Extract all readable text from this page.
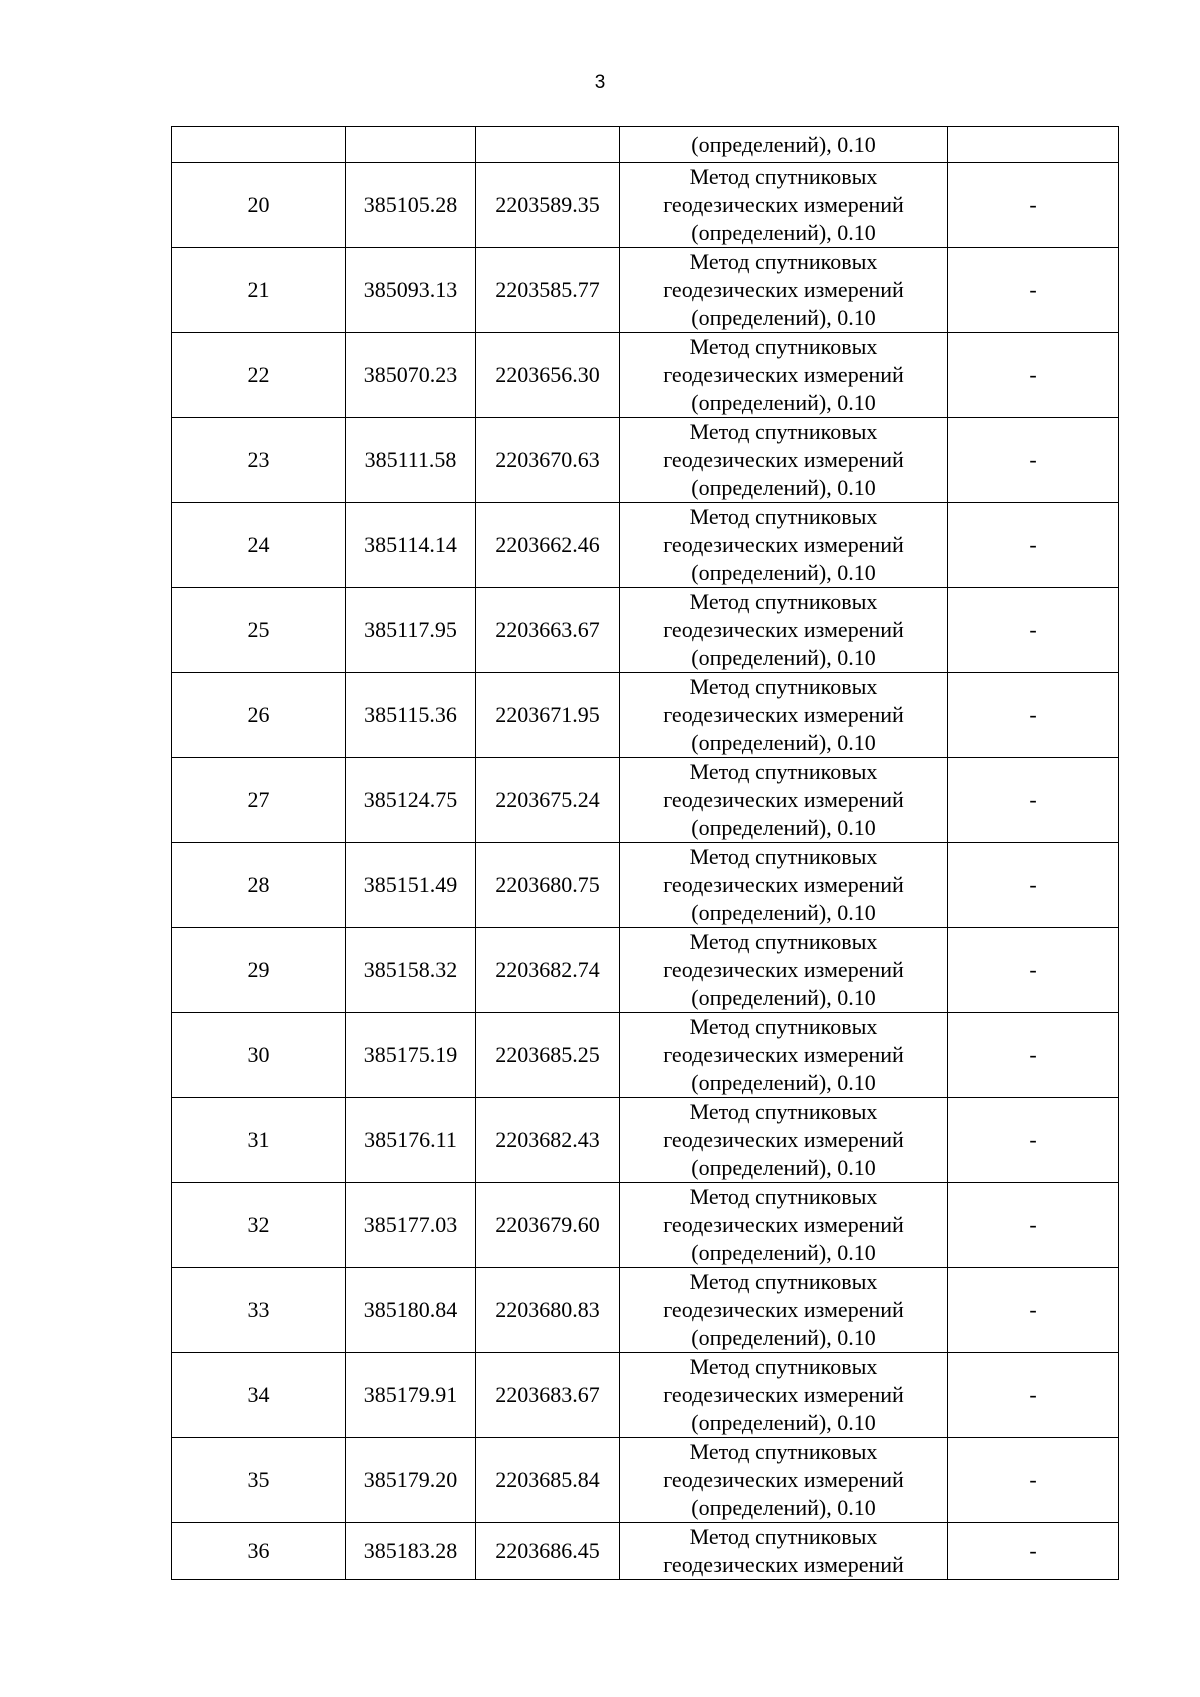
3
			(определений), 0.10	
20	385105.28	2203589.35	Метод спутниковых
геодезических измерений
(определений), 0.10	-
21	385093.13	2203585.77	Метод спутниковых
геодезических измерений
(определений), 0.10	-
22	385070.23	2203656.30	Метод спутниковых
геодезических измерений
(определений), 0.10	-
23	385111.58	2203670.63	Метод спутниковых
геодезических измерений
(определений), 0.10	-
24	385114.14	2203662.46	Метод спутниковых
геодезических измерений
(определений), 0.10	-
25	385117.95	2203663.67	Метод спутниковых
геодезических измерений
(определений), 0.10	-
26	385115.36	2203671.95	Метод спутниковых
геодезических измерений
(определений), 0.10	-
27	385124.75	2203675.24	Метод спутниковых
геодезических измерений
(определений), 0.10	-
28	385151.49	2203680.75	Метод спутниковых
геодезических измерений
(определений), 0.10	-
29	385158.32	2203682.74	Метод спутниковых
геодезических измерений
(определений), 0.10	-
30	385175.19	2203685.25	Метод спутниковых
геодезических измерений
(определений), 0.10	-
31	385176.11	2203682.43	Метод спутниковых
геодезических измерений
(определений), 0.10	-
32	385177.03	2203679.60	Метод спутниковых
геодезических измерений
(определений), 0.10	-
33	385180.84	2203680.83	Метод спутниковых
геодезических измерений
(определений), 0.10	-
34	385179.91	2203683.67	Метод спутниковых
геодезических измерений
(определений), 0.10	-
35	385179.20	2203685.84	Метод спутниковых
геодезических измерений
(определений), 0.10	-
36	385183.28	2203686.45	Метод спутниковых
геодезических измерений	-
